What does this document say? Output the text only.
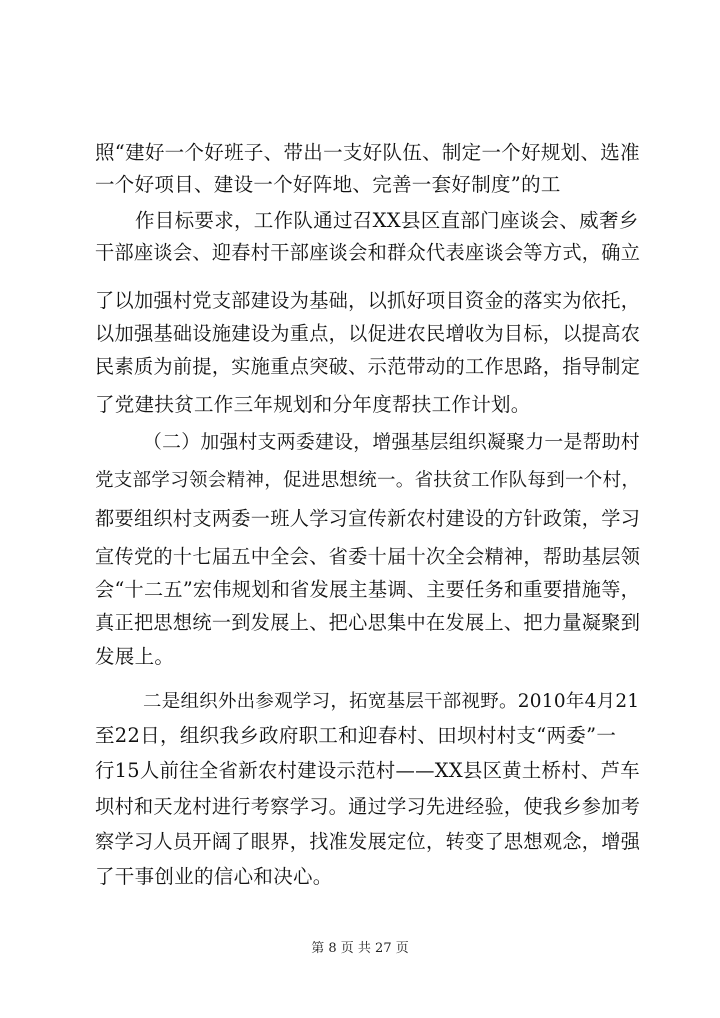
照“建好一个好班子、带出一支好队伍、制定一个好规划、选准
一个好项目、建设一个好阵地、完善一套好制度”的工
作目标要求，工作队通过召XX县区直部门座谈会、威奢乡
干部座谈会、迎春村干部座谈会和群众代表座谈会等方式，确立
了以加强村党支部建设为基础，以抓好项目资金的落实为依托，
以加强基础设施建设为重点，以促进农民增收为目标，以提高农
民素质为前提，实施重点突破、示范带动的工作思路，指导制定
了党建扶贫工作三年规划和分年度帮扶工作计划。
（二）加强村支两委建设，增强基层组织凝聚力一是帮助村
党支部学习领会精神，促进思想统一。省扶贫工作队每到一个村，
都要组织村支两委一班人学习宣传新农村建设的方针政策，学习
宣传党的十七届五中全会、省委十届十次全会精神，帮助基层领
会“十二五”宏伟规划和省发展主基调、主要任务和重要措施等，
真正把思想统一到发展上、把心思集中在发展上、把力量凝聚到
发展上。
二是组织外出参观学习，拓宽基层干部视野。2010年4月21
至22日，组织我乡政府职工和迎春村、田坝村村支“两委”一
行15人前往全省新农村建设示范村——XX县区黄土桥村、芦车
坝村和天龙村进行考察学习。通过学习先进经验，使我乡参加考
察学习人员开阔了眼界，找准发展定位，转变了思想观念，增强
了干事创业的信心和决心。
第 8 页 共 27 页
